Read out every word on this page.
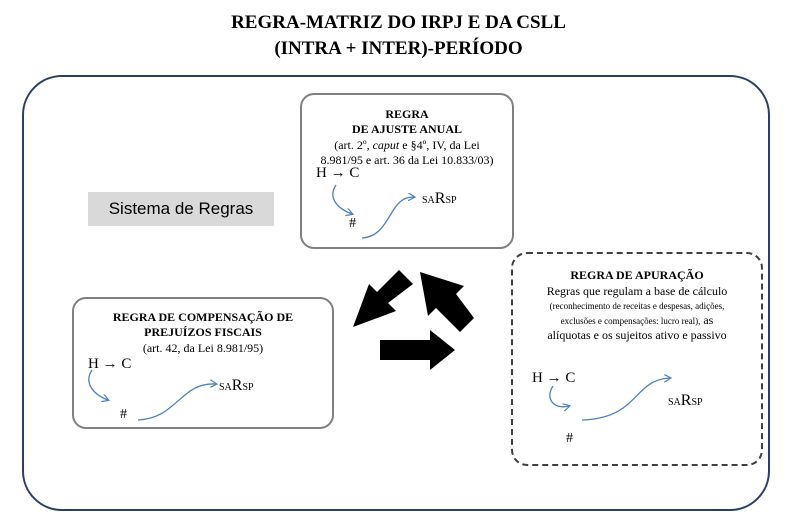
REGRA-MATRIZ DO IRPJ E DA CSLL
(INTRA + INTER)-PERÍODO
Sistema de Regras
REGRA
DE AJUSTE ANUAL
(art. 2º, caput e §4º, IV, da Lei
8.981/95 e art. 36 da Lei 10.833/03)
H → C
#
SARSP
REGRA DE COMPENSAÇÃO DE
PREJUÍZOS FISCAIS
(art. 42, da Lei 8.981/95)
H → C
#
SARSP
REGRA DE APURAÇÃO
Regras que regulam a base de cálculo
(reconhecimento de receitas e despesas, adições,
exclusões e compensações: lucro real), as
alíquotas e os sujeitos ativo e passivo
H → C
#
SARSP
